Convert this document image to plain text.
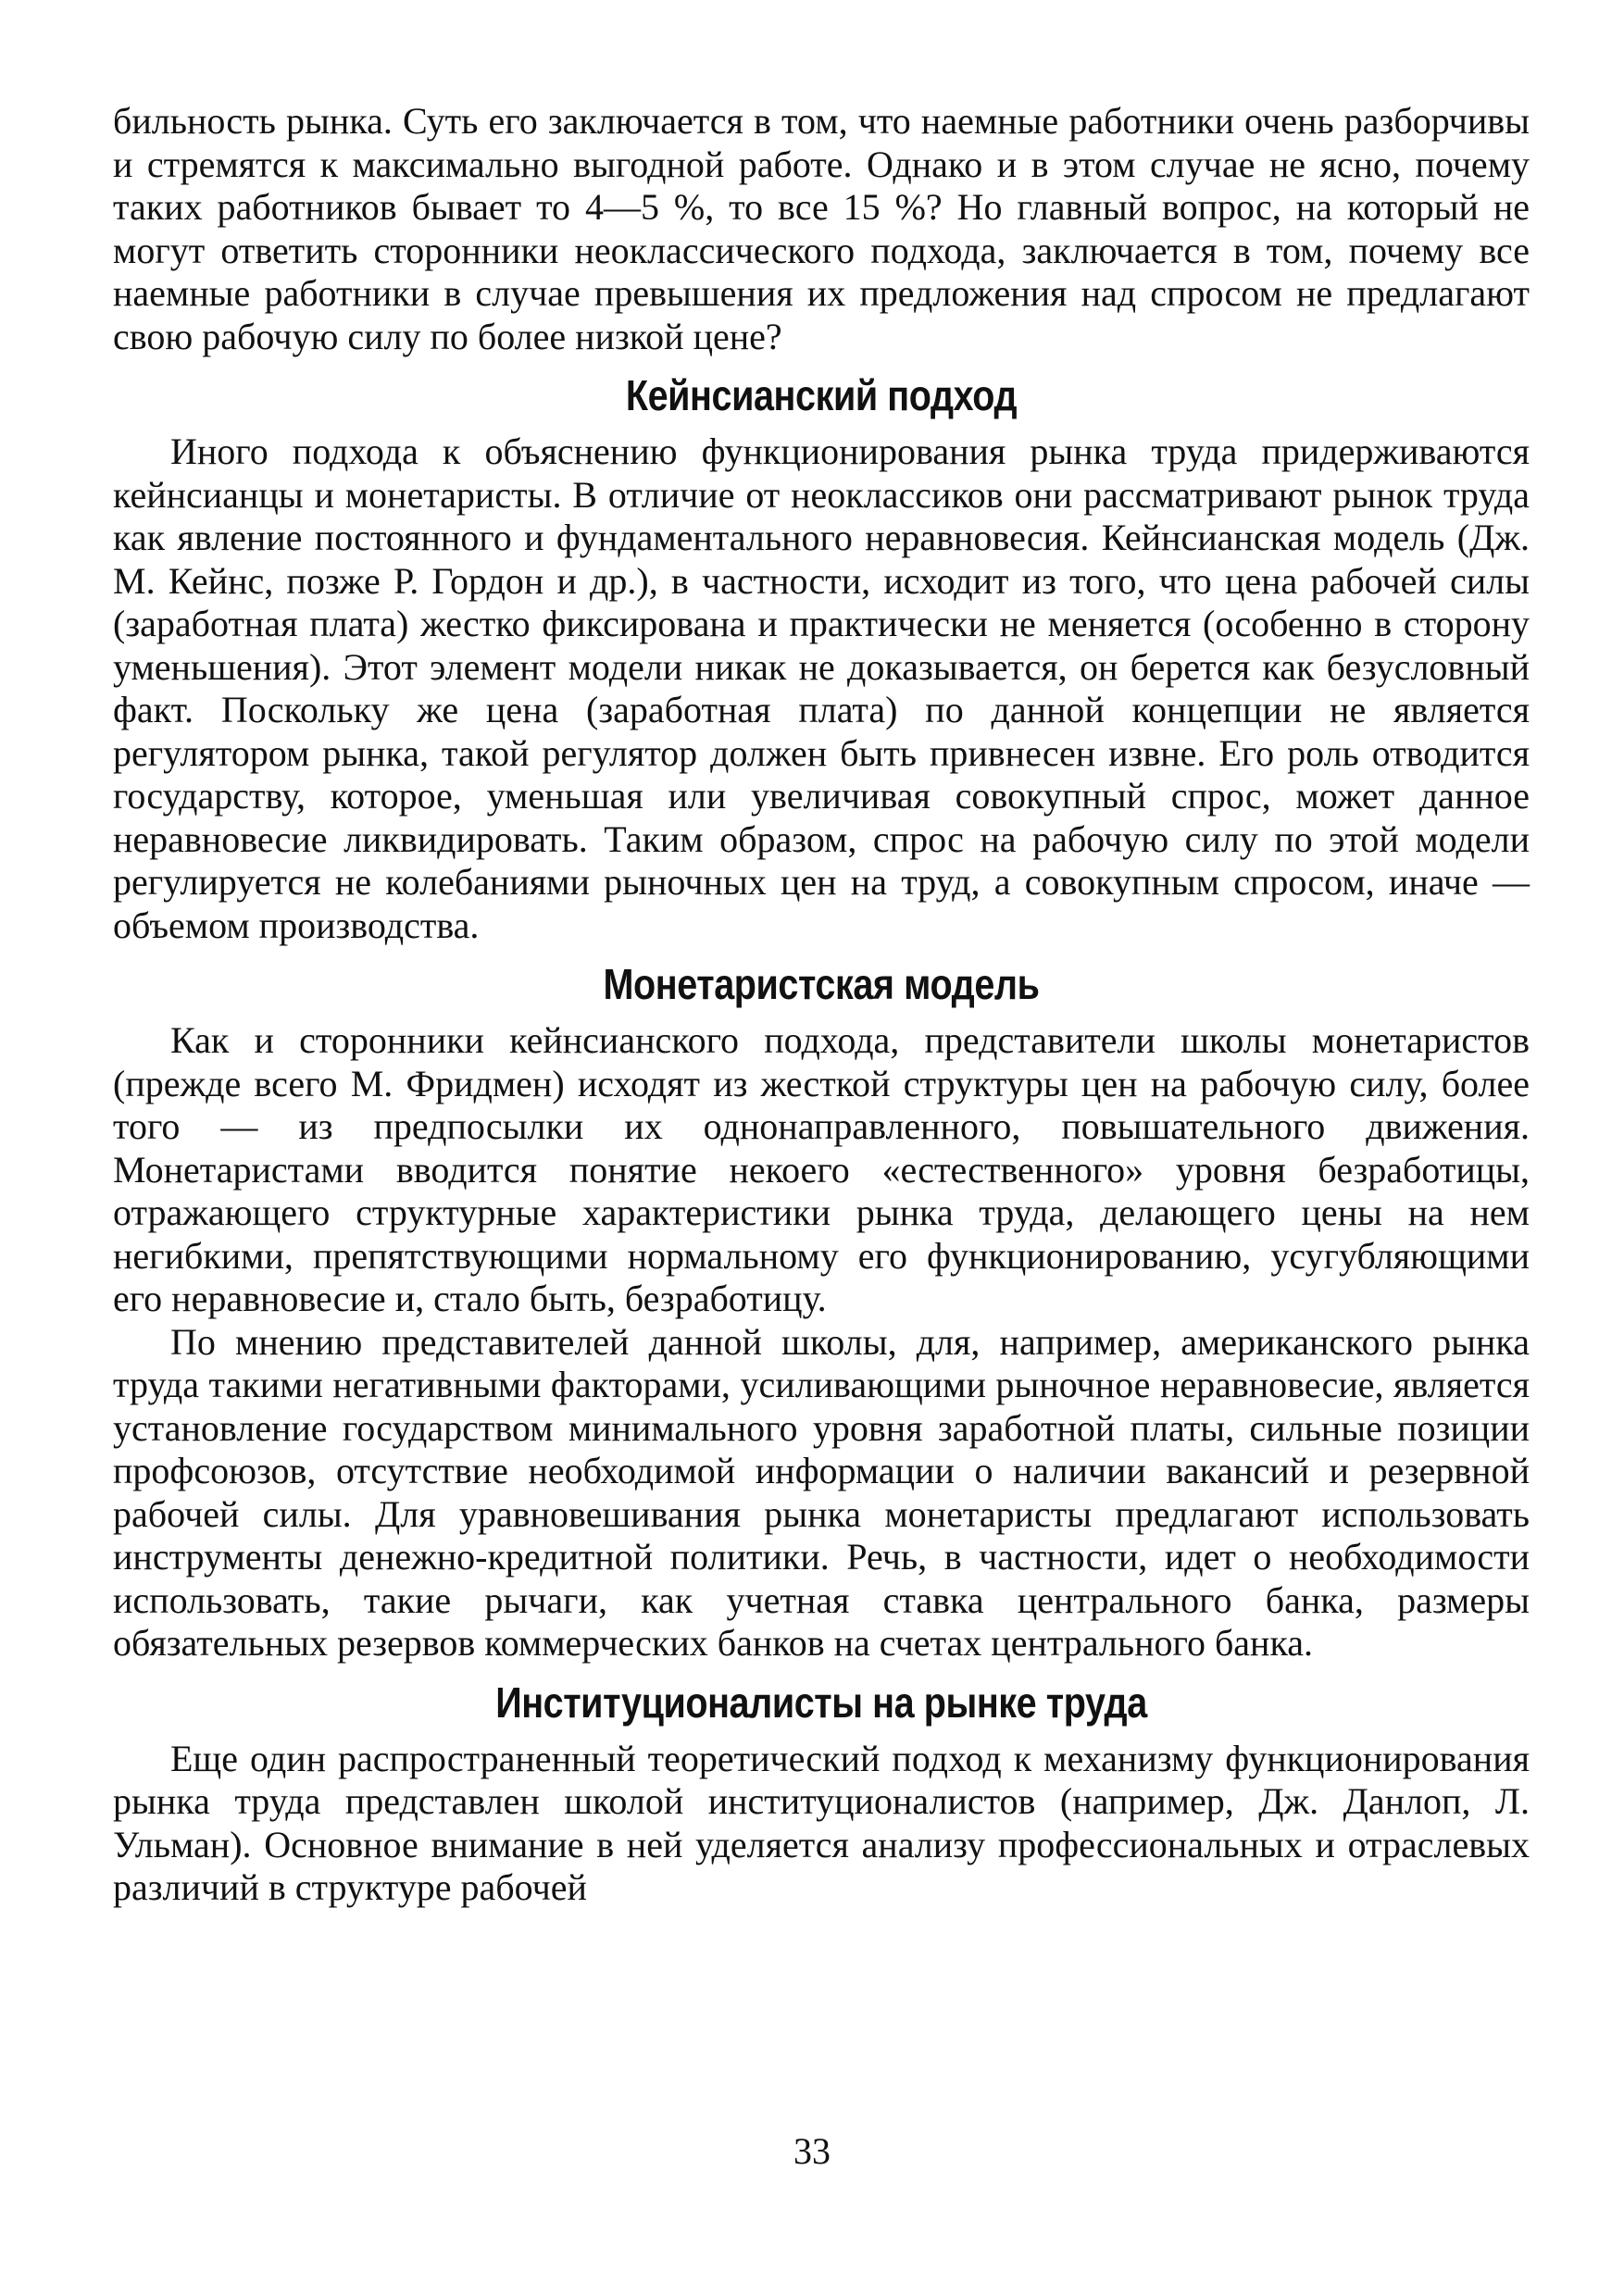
бильность рынка. Суть его заключается в том, что наемные работники очень разборчивы и стремятся к максимально выгодной работе. Однако и в этом случае не ясно, почему таких работников бывает то 4—5 %, то все 15 %? Но главный вопрос, на который не могут ответить сторонники неоклассического подхода, заключается в том, почему все наемные работники в случае превышения их предложения над спросом не предлагают свою рабочую силу по более низкой цене?

Кейнсианский подход

Иного подхода к объяснению функционирования рынка труда придерживаются кейнсианцы и монетаристы. В отличие от неоклассиков они рассматривают рынок труда как явление постоянного и фундаментального неравновесия. Кейнсианская модель (Дж. М. Кейнс, позже Р. Гордон и др.), в частности, исходит из того, что цена рабочей силы (заработная плата) жестко фиксирована и практически не меняется (особенно в сторону уменьшения). Этот элемент модели никак не доказывается, он берется как безусловный факт. Поскольку же цена (заработная плата) по данной концепции не является регулятором рынка, такой регулятор должен быть привнесен извне. Его роль отводится государству, которое, уменьшая или увеличивая совокупный спрос, может данное неравновесие ликвидировать. Таким образом, спрос на рабочую силу по этой модели регулируется не колебаниями рыночных цен на труд, а совокупным спросом, иначе — объемом производства.

Монетаристская модель

Как и сторонники кейнсианского подхода, представители школы монетаристов (прежде всего М. Фридмен) исходят из жесткой структуры цен на рабочую силу, более того — из предпосылки их однонаправленного, повышательного движения. Монетаристами вводится понятие некоего «естественного» уровня безработицы, отражающего структурные характеристики рынка труда, делающего цены на нем негибкими, препятствующими нормальному его функционированию, усугубляющими его неравновесие и, стало быть, безработицу.

По мнению представителей данной школы, для, например, американского рынка труда такими негативными факторами, усиливающими рыночное неравновесие, является установление государством минимального уровня заработной платы, сильные позиции профсоюзов, отсутствие необходимой информации о наличии вакансий и резервной рабочей силы. Для уравновешивания рынка монетаристы предлагают использовать инструменты денежно-кредитной политики. Речь, в частности, идет о необходимости использовать, такие рычаги, как учетная ставка центрального банка, размеры обязательных резервов коммерческих банков на счетах центрального банка.

Институционалисты на рынке труда

Еще один распространенный теоретический подход к механизму функционирования рынка труда представлен школой институционалистов (например, Дж. Данлоп, Л. Ульман). Основное внимание в ней уделяется анализу профессиональных и отраслевых различий в структуре рабочей

33
